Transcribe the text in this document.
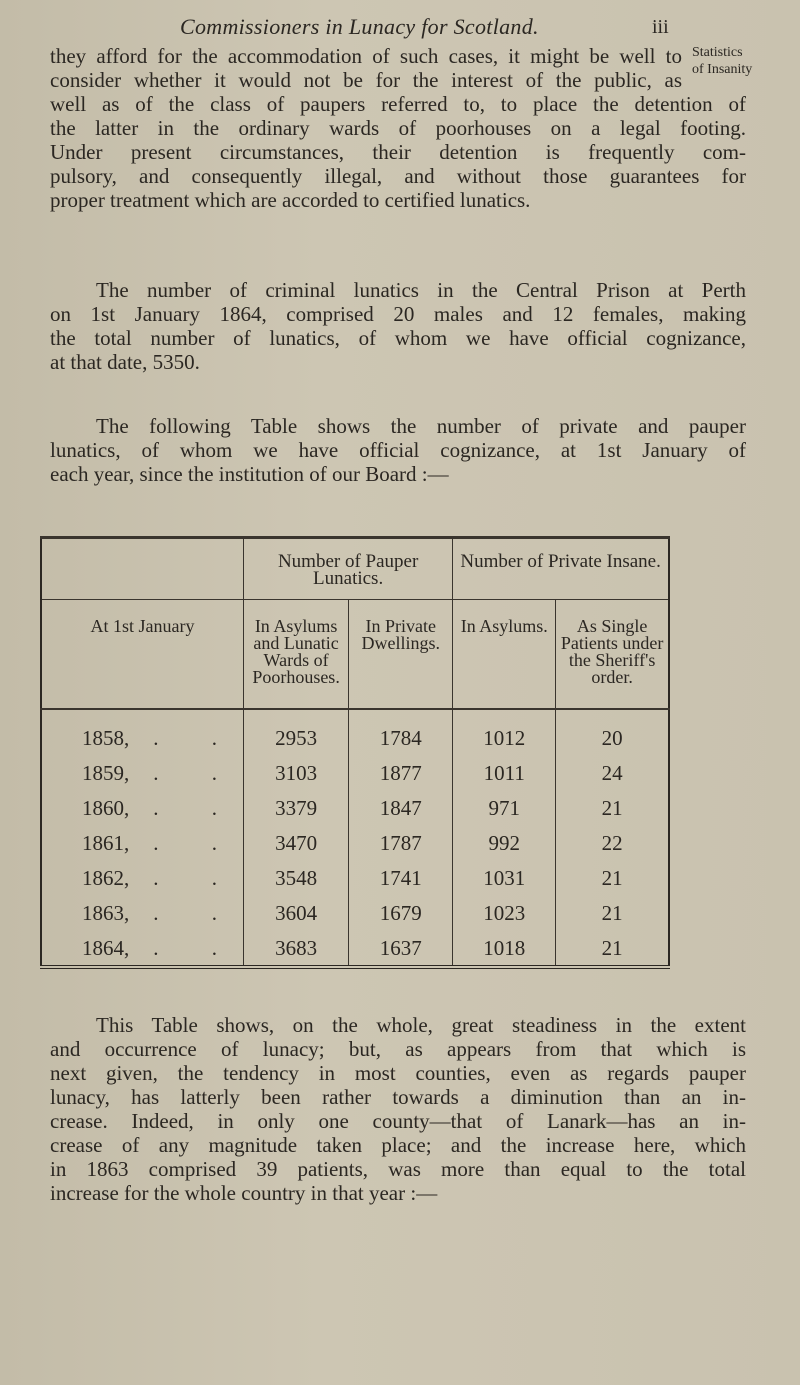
Commissioners in Lunacy for Scotland.	iii
Statistics
of Insanity
they afford for the accommodation of such cases, it might be well to
consider whether it would not be for the interest of the public, as
well as of the class of paupers referred to, to place the detention of
the latter in the ordinary wards of poorhouses on a legal footing.
Under present circumstances, their detention is frequently com-
pulsory, and consequently illegal, and without those guarantees for
proper treatment which are accorded to certified lunatics.
The number of criminal lunatics in the Central Prison at Perth
on 1st January 1864, comprised 20 males and 12 females, making
the total number of lunatics, of whom we have official cognizance,
at that date, 5350.
The following Table shows the number of private and pauper
lunatics, of whom we have official cognizance, at 1st January of
each year, since the institution of our Board :—
	Number of Pauper Lunatics.		Number of Private Insane.	
At 1st January	In Asylums and Lunatic Wards of Poorhouses.	In Private Dwellings.	In Asylums.	As Single Patients under the Sheriff's order.
1858, . .	2953	1784	1012	20
1859, . .	3103	1877	1011	24
1860, . .	3379	1847	971	21
1861, . .	3470	1787	992	22
1862, . .	3548	1741	1031	21
1863, . .	3604	1679	1023	21
1864, . .	3683	1637	1018	21
This Table shows, on the whole, great steadiness in the extent
and occurrence of lunacy; but, as appears from that which is
next given, the tendency in most counties, even as regards pauper
lunacy, has latterly been rather towards a diminution than an in-
crease. Indeed, in only one county—that of Lanark—has an in-
crease of any magnitude taken place; and the increase here, which
in 1863 comprised 39 patients, was more than equal to the total
increase for the whole country in that year :—
